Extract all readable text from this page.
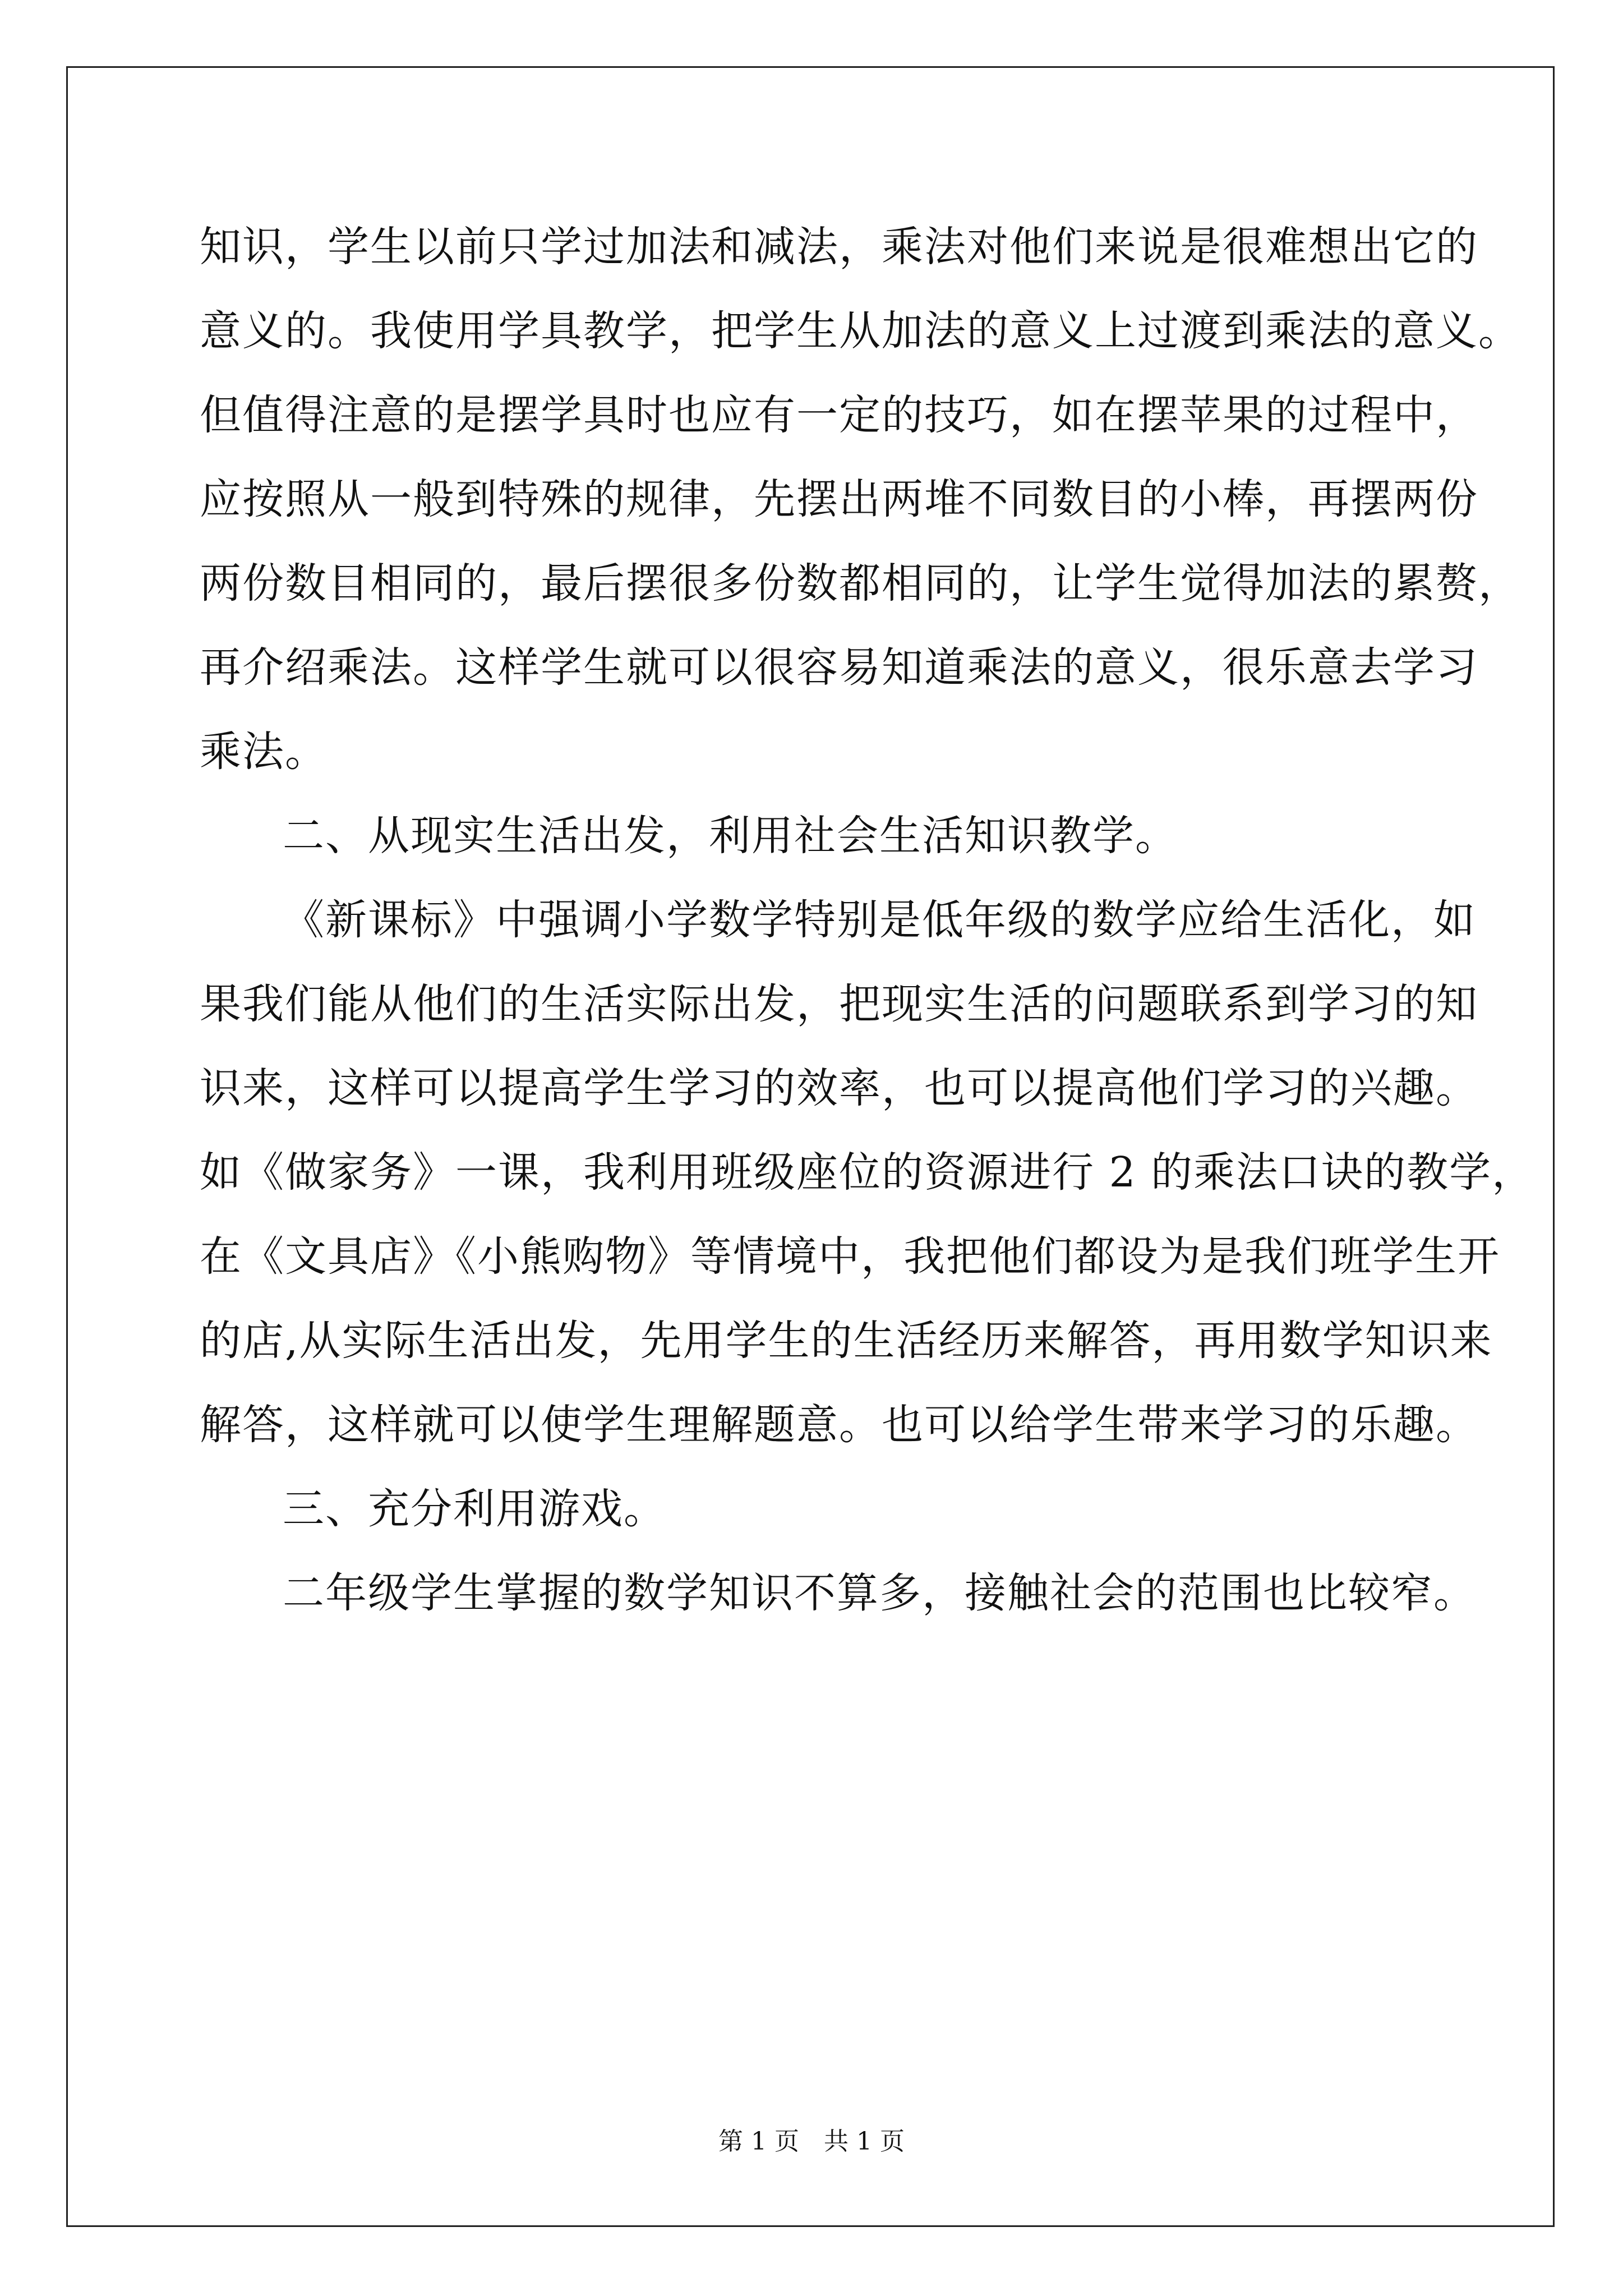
知识，学生以前只学过加法和减法，乘法对他们来说是很难想出它的
意义的。我使用学具教学，把学生从加法的意义上过渡到乘法的意义。
但值得注意的是摆学具时也应有一定的技巧，如在摆苹果的过程中，
应按照从一般到特殊的规律，先摆出两堆不同数目的小棒，再摆两份
两份数目相同的，最后摆很多份数都相同的，让学生觉得加法的累赘，
再介绍乘法。这样学生就可以很容易知道乘法的意义，很乐意去学习
乘法。
二、从现实生活出发，利用社会生活知识教学。
《新课标》中强调小学数学特别是低年级的数学应给生活化，如
果我们能从他们的生活实际出发，把现实生活的问题联系到学习的知
识来，这样可以提高学生学习的效率，也可以提高他们学习的兴趣。
如《做家务》一课，我利用班级座位的资源进行 2 的乘法口诀的教学，
在《文具店》《小熊购物》等情境中，我把他们都设为是我们班学生开
的店,从实际生活出发，先用学生的生活经历来解答，再用数学知识来
解答，这样就可以使学生理解题意。也可以给学生带来学习的乐趣。
三、充分利用游戏。
二年级学生掌握的数学知识不算多，接触社会的范围也比较窄。
第 1 页　共 1 页
